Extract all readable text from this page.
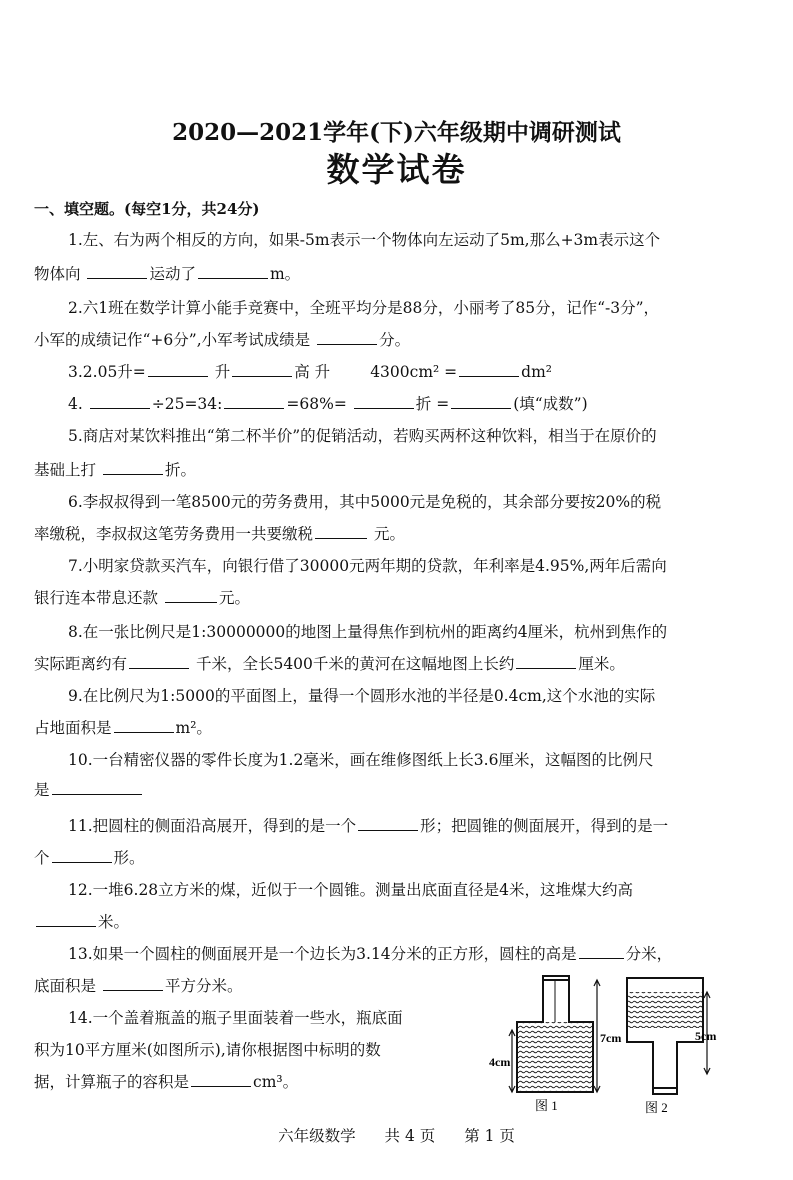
2020—2021学年(下)六年级期中调研测试
数学试卷
一、填空题。(每空1分，共24分)
1.左、右为两个相反的方向，如果-5m表示一个物体向左运动了5m,那么+3m表示这个
物体向	运动了	m。
2.六1班在数学计算小能手竞赛中，全班平均分是88分，小丽考了85分，记作“-3分”，
小军的成绩记作“+6分”,小军考试成绩是	分。
3.2.05升=	升	高 升	4300cm² =	dm²
4.	÷25=34:	=68%=	折 =	(填“成数”)
5.商店对某饮料推出“第二杯半价”的促销活动，若购买两杯这种饮料，相当于在原价的
基础上打	折。
6.李叔叔得到一笔8500元的劳务费用，其中5000元是免税的，其余部分要按20%的税
率缴税，李叔叔这笔劳务费用一共要缴税	元。
7.小明家贷款买汽车，向银行借了30000元两年期的贷款，年利率是4.95%,两年后需向
银行连本带息还款	元。
8.在一张比例尺是1:30000000的地图上量得焦作到杭州的距离约4厘米，杭州到焦作的
实际距离约有	千米，全长5400千米的黄河在这幅地图上长约	厘米。
9.在比例尺为1:5000的平面图上，量得一个圆形水池的半径是0.4cm,这个水池的实际
占地面积是	m²。
10.一台精密仪器的零件长度为1.2毫米，画在维修图纸上长3.6厘米，这幅图的比例尺
是
11.把圆柱的侧面沿高展开，得到的是一个	形；把圆锥的侧面展开，得到的是一
个	形。
12.一堆6.28立方米的煤，近似于一个圆锥。测量出底面直径是4米，这堆煤大约高
米。
13.如果一个圆柱的侧面展开是一个边长为3.14分米的正方形，圆柱的高是	分米，
底面积是	平方分米。
14.一个盖着瓶盖的瓶子里面装着一些水，瓶底面
积为10平方厘米(如图所示),请你根据图中标明的数
据，计算瓶子的容积是	cm³。
7cm
4cm
图 1
5cm
图 2
六年级数学 共 4 页 第 1 页
